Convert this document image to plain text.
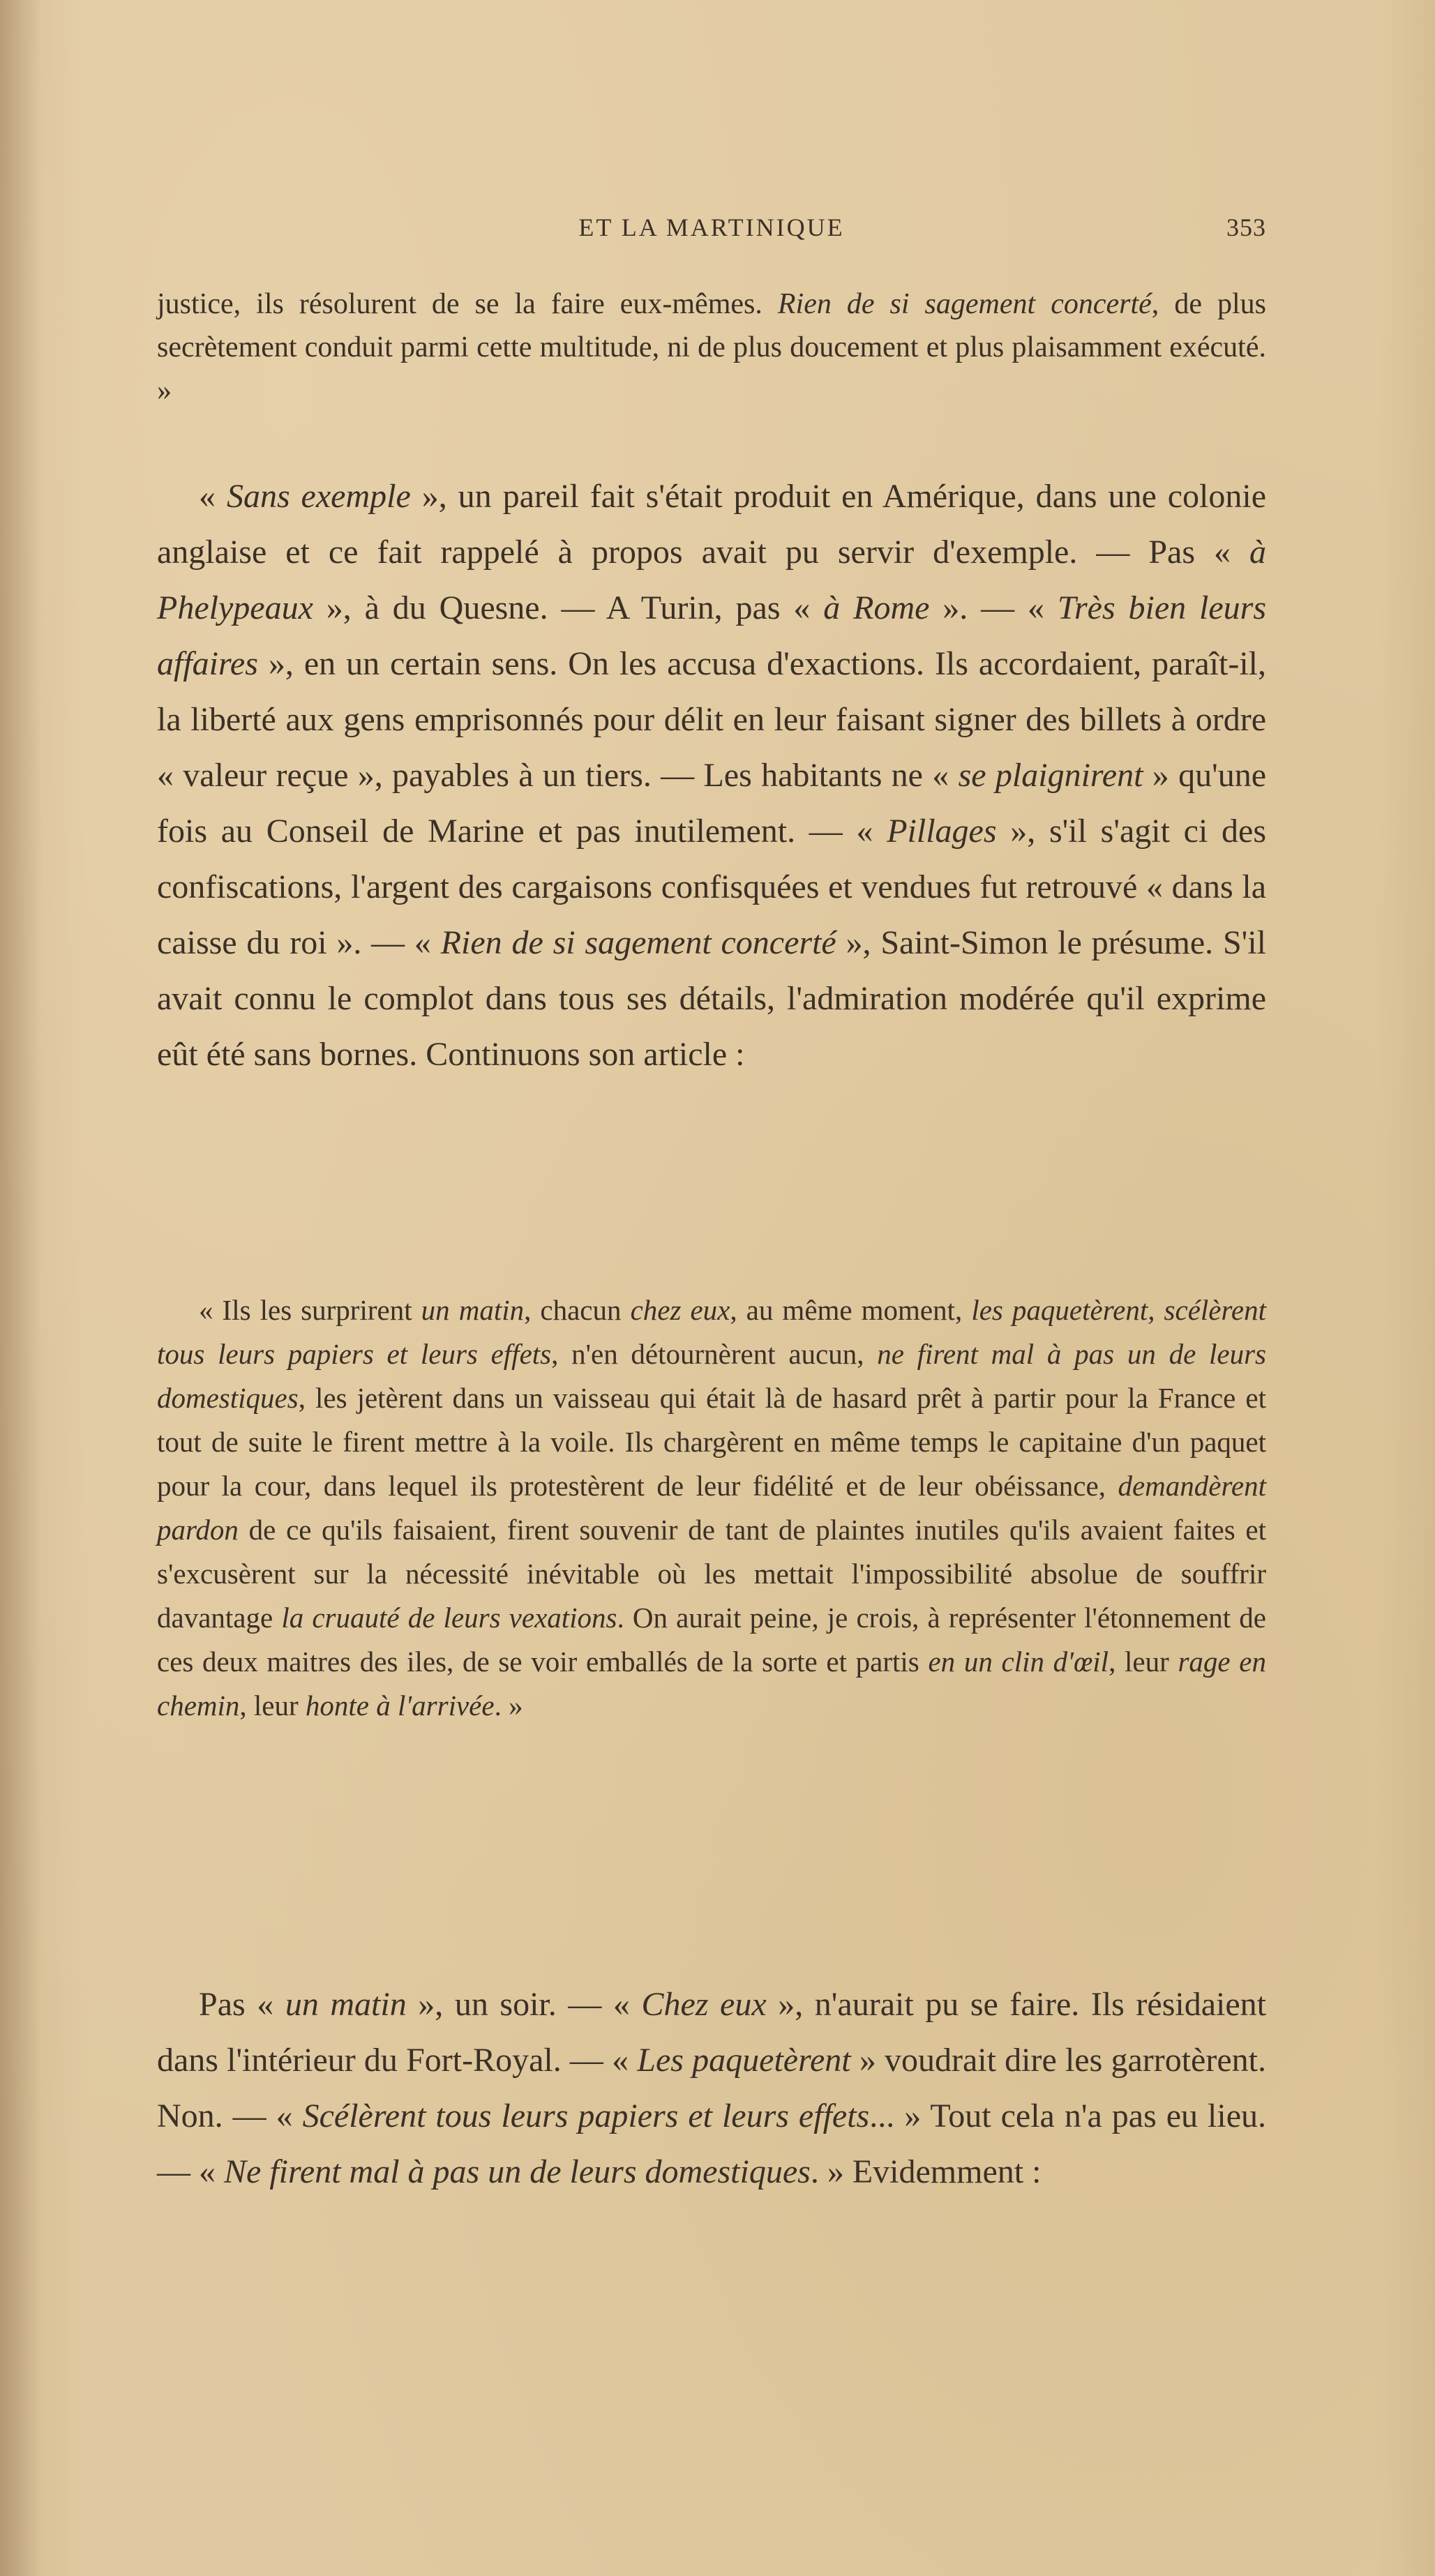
ET LA MARTINIQUE	353

justice, ils résolurent de se la faire eux-mêmes. Rien de si sagement concerté, de plus secrètement conduit parmi cette multitude, ni de plus doucement et plus plaisamment exécuté. »

« Sans exemple », un pareil fait s'était produit en Amérique, dans une colonie anglaise et ce fait rappelé à propos avait pu servir d'exemple. — Pas « à Phelypeaux », à du Quesne. — A Turin, pas « à Rome ». — « Très bien leurs affaires », en un certain sens. On les accusa d'exactions. Ils accordaient, paraît-il, la liberté aux gens emprisonnés pour délit en leur faisant signer des billets à ordre « valeur reçue », payables à un tiers. — Les habitants ne « se plaignirent » qu'une fois au Conseil de Marine et pas inutilement. — « Pillages », s'il s'agit ci des confiscations, l'argent des cargaisons confisquées et vendues fut retrouvé « dans la caisse du roi ». — « Rien de si sagement concerté », Saint-Simon le présume. S'il avait connu le complot dans tous ses détails, l'admiration modérée qu'il exprime eût été sans bornes. Continuons son article :

« Ils les surprirent un matin, chacun chez eux, au même moment, les paquetèrent, scélèrent tous leurs papiers et leurs effets, n'en détournèrent aucun, ne firent mal à pas un de leurs domestiques, les jetèrent dans un vaisseau qui était là de hasard prêt à partir pour la France et tout de suite le firent mettre à la voile. Ils chargèrent en même temps le capitaine d'un paquet pour la cour, dans lequel ils protestèrent de leur fidélité et de leur obéissance, demandèrent pardon de ce qu'ils faisaient, firent souvenir de tant de plaintes inutiles qu'ils avaient faites et s'excusèrent sur la nécessité inévitable où les mettait l'impossibilité absolue de souffrir davantage la cruauté de leurs vexations. On aurait peine, je crois, à représenter l'étonnement de ces deux maitres des iles, de se voir emballés de la sorte et partis en un clin d'œil, leur rage en chemin, leur honte à l'arrivée. »

Pas « un matin », un soir. — « Chez eux », n'aurait pu se faire. Ils résidaient dans l'intérieur du Fort-Royal. — « Les paquetèrent » voudrait dire les garrotèrent. Non. — « Scélèrent tous leurs papiers et leurs effets... » Tout cela n'a pas eu lieu. — « Ne firent mal à pas un de leurs domestiques. » Evidemment :
